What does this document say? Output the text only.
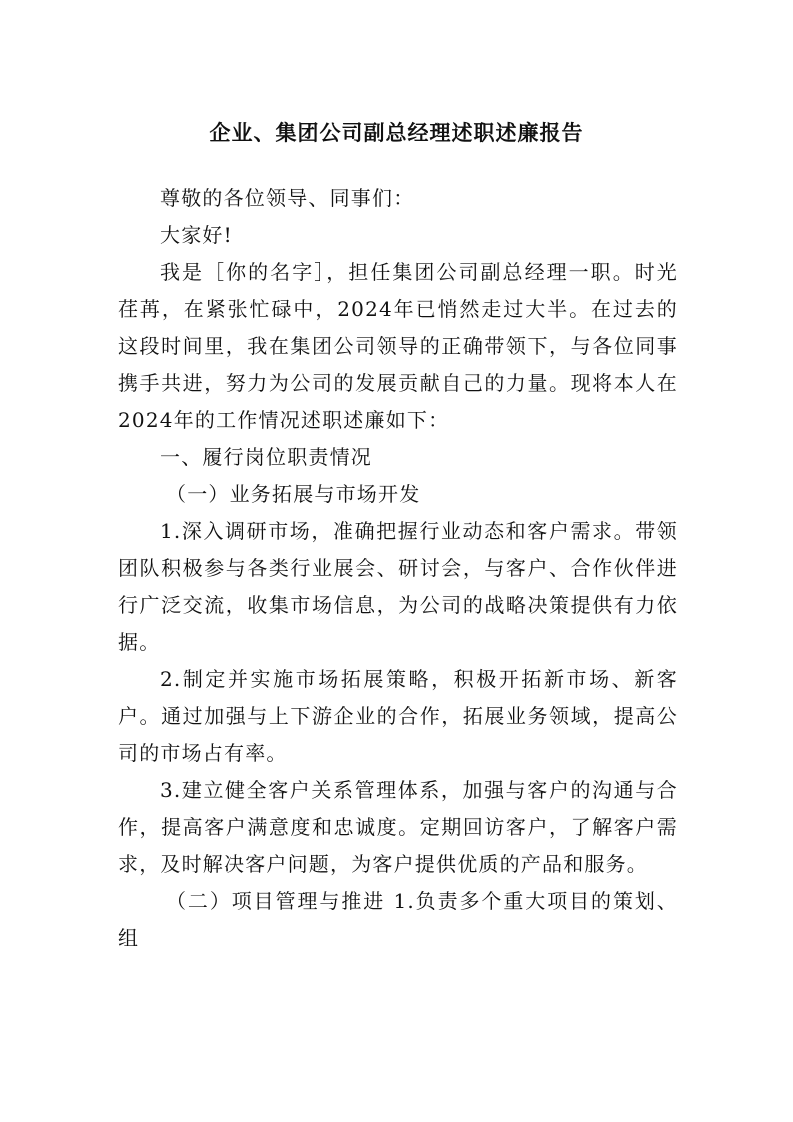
企业、集团公司副总经理述职述廉报告

尊敬的各位领导、同事们：

大家好!

我是［你的名字］，担任集团公司副总经理一职。时光荏苒，在紧张忙碌中，2024年已悄然走过大半。在过去的这段时间里，我在集团公司领导的正确带领下，与各位同事携手共进，努力为公司的发展贡献自己的力量。现将本人在2024年的工作情况述职述廉如下：

一、履行岗位职责情况

（一）业务拓展与市场开发

1.深入调研市场，准确把握行业动态和客户需求。带领团队积极参与各类行业展会、研讨会，与客户、合作伙伴进行广泛交流，收集市场信息，为公司的战略决策提供有力依据。

2.制定并实施市场拓展策略，积极开拓新市场、新客户。通过加强与上下游企业的合作，拓展业务领域，提高公司的市场占有率。

3.建立健全客户关系管理体系，加强与客户的沟通与合作，提高客户满意度和忠诚度。定期回访客户，了解客户需求，及时解决客户问题，为客户提供优质的产品和服务。

（二）项目管理与推进 1.负责多个重大项目的策划、组
